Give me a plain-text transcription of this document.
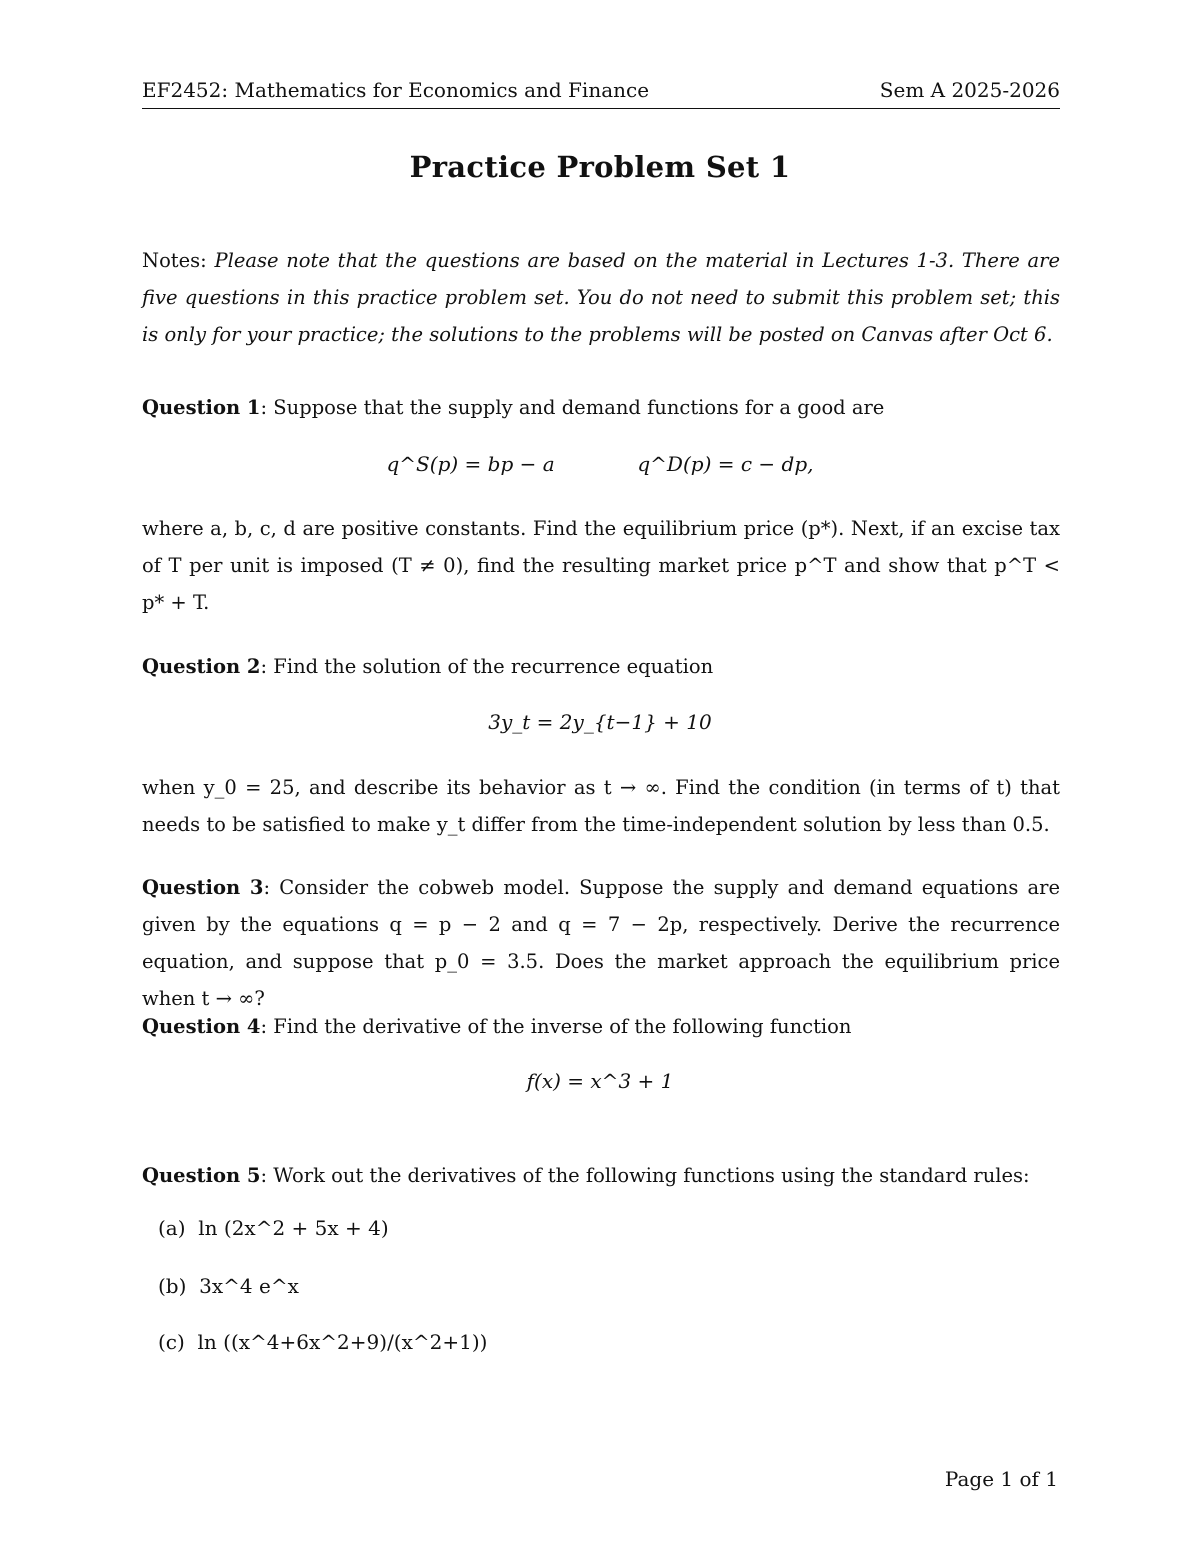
EF2452: Mathematics for Economics and Finance	Sem A 2025-2026
Practice Problem Set 1
Notes: Please note that the questions are based on the material in Lectures 1-3. There are five questions in this practice problem set. You do not need to submit this problem set; this is only for your practice; the solutions to the problems will be posted on Canvas after Oct 6.
Question 1: Suppose that the supply and demand functions for a good are
q^S(p) = bp − a	q^D(p) = c − dp,
where a, b, c, d are positive constants. Find the equilibrium price (p*). Next, if an excise tax of T per unit is imposed (T ≠ 0), find the resulting market price p^T and show that p^T < p* + T.
Question 2: Find the solution of the recurrence equation
3y_t = 2y_{t−1} + 10
when y_0 = 25, and describe its behavior as t → ∞. Find the condition (in terms of t) that needs to be satisfied to make y_t differ from the time-independent solution by less than 0.5.
Question 3: Consider the cobweb model. Suppose the supply and demand equations are given by the equations q = p − 2 and q = 7 − 2p, respectively. Derive the recurrence equation, and suppose that p_0 = 3.5. Does the market approach the equilibrium price when t → ∞?
Question 4: Find the derivative of the inverse of the following function
f(x) = x^3 + 1
Question 5: Work out the derivatives of the following functions using the standard rules:
(a) ln (2x^2 + 5x + 4)
(b) 3x^4 e^x
(c) ln ((x^4+6x^2+9)/(x^2+1))
Page 1 of 1
